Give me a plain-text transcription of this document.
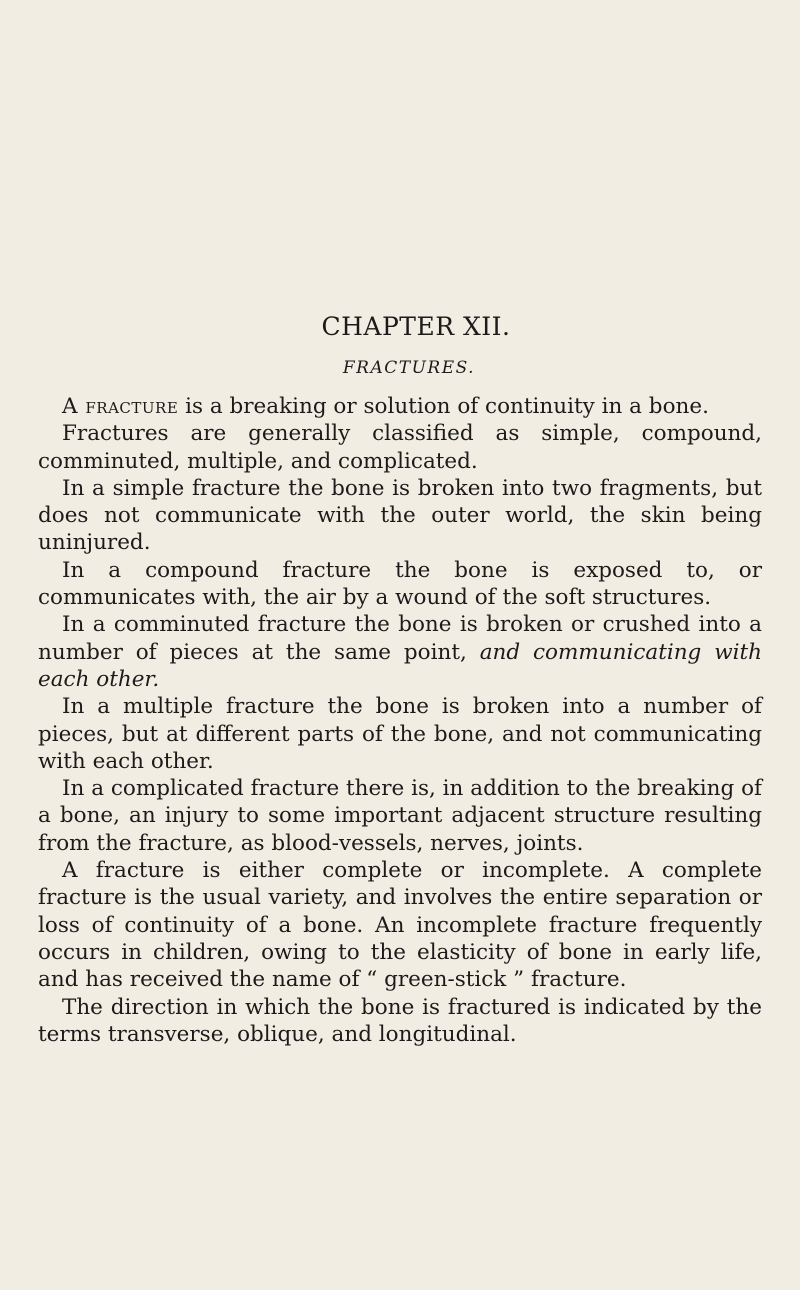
CHAPTER XII.
FRACTURES.

A fracture is a breaking or solution of continuity in a bone.

Fractures are generally classified as simple, compound, comminuted, multiple, and complicated.

In a simple fracture the bone is broken into two fragments, but does not communicate with the outer world, the skin being uninjured.

In a compound fracture the bone is exposed to, or communicates with, the air by a wound of the soft structures.

In a comminuted fracture the bone is broken or crushed into a number of pieces at the same point, and communicating with each other.

In a multiple fracture the bone is broken into a number of pieces, but at different parts of the bone, and not communicating with each other.

In a complicated fracture there is, in addition to the breaking of a bone, an injury to some important adjacent structure resulting from the fracture, as blood-vessels, nerves, joints.

A fracture is either complete or incomplete. A complete fracture is the usual variety, and involves the entire separation or loss of continuity of a bone. An incomplete fracture frequently occurs in children, owing to the elasticity of bone in early life, and has received the name of “ green-stick ” fracture.

The direction in which the bone is fractured is indicated by the terms transverse, oblique, and longitudinal.
